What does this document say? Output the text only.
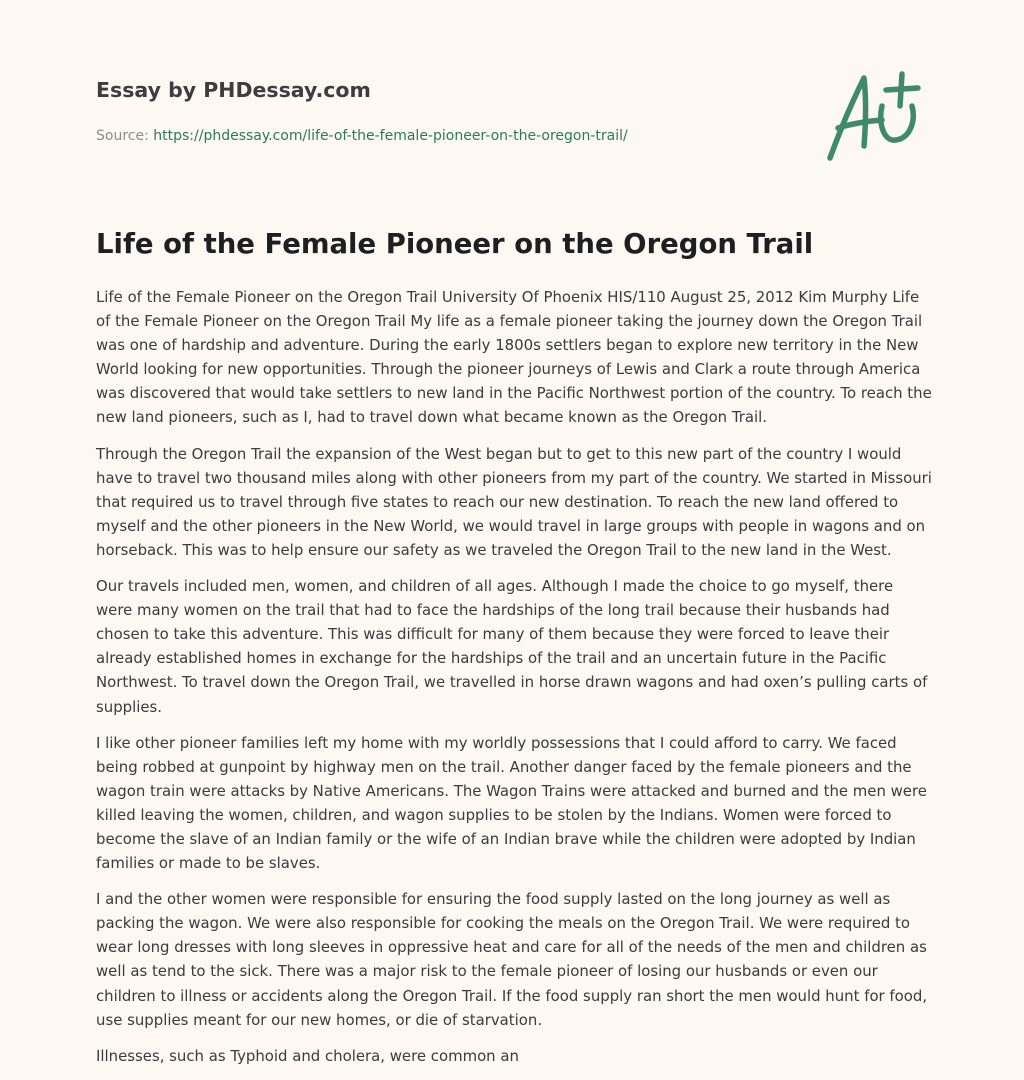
Essay by PHDessay.com
Source: https://phdessay.com/life-of-the-female-pioneer-on-the-oregon-trail/
Life of the Female Pioneer on the Oregon Trail

Life of the Female Pioneer on the Oregon Trail University Of Phoenix HIS/110 August 25, 2012 Kim Murphy Life of the Female Pioneer on the Oregon Trail My life as a female pioneer taking the journey down the Oregon Trail was one of hardship and adventure. During the early 1800s settlers began to explore new territory in the New World looking for new opportunities. Through the pioneer journeys of Lewis and Clark a route through America was discovered that would take settlers to new land in the Pacific Northwest portion of the country. To reach the new land pioneers, such as I, had to travel down what became known as the Oregon Trail.

Through the Oregon Trail the expansion of the West began but to get to this new part of the country I would have to travel two thousand miles along with other pioneers from my part of the country. We started in Missouri that required us to travel through five states to reach our new destination. To reach the new land offered to myself and the other pioneers in the New World, we would travel in large groups with people in wagons and on horseback. This was to help ensure our safety as we traveled the Oregon Trail to the new land in the West.

Our travels included men, women, and children of all ages. Although I made the choice to go myself, there were many women on the trail that had to face the hardships of the long trail because their husbands had chosen to take this adventure. This was difficult for many of them because they were forced to leave their already established homes in exchange for the hardships of the trail and an uncertain future in the Pacific Northwest. To travel down the Oregon Trail, we travelled in horse drawn wagons and had oxen’s pulling carts of supplies.

I like other pioneer families left my home with my worldly possessions that I could afford to carry. We faced being robbed at gunpoint by highway men on the trail. Another danger faced by the female pioneers and the wagon train were attacks by Native Americans. The Wagon Trains were attacked and burned and the men were killed leaving the women, children, and wagon supplies to be stolen by the Indians. Women were forced to become the slave of an Indian family or the wife of an Indian brave while the children were adopted by Indian families or made to be slaves.

I and the other women were responsible for ensuring the food supply lasted on the long journey as well as packing the wagon. We were also responsible for cooking the meals on the Oregon Trail. We were required to wear long dresses with long sleeves in oppressive heat and care for all of the needs of the men and children as well as tend to the sick. There was a major risk to the female pioneer of losing our husbands or even our children to illness or accidents along the Oregon Trail. If the food supply ran short the men would hunt for food, use supplies meant for our new homes, or die of starvation.

Illnesses, such as Typhoid and cholera, were common an
